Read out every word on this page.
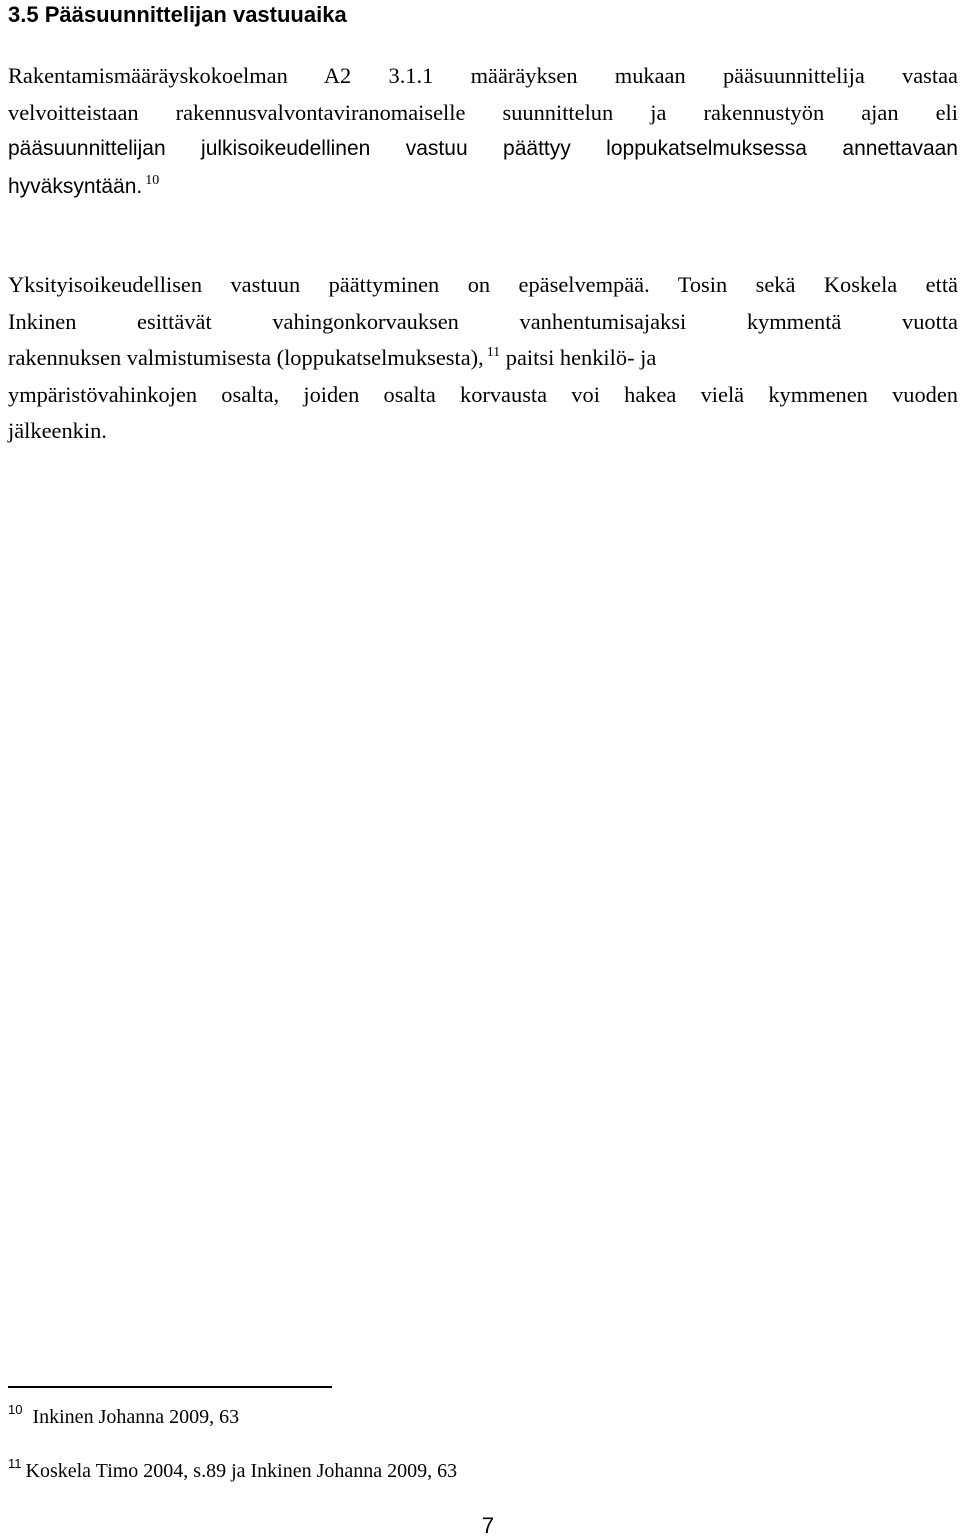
3.5 Pääsuunnittelijan vastuuaika

Rakentamismääräyskokoelman A2 3.1.1 määräyksen mukaan pääsuunnittelija vastaa
velvoitteistaan rakennusvalvontaviranomaiselle suunnittelun ja rakennustyön ajan eli
pääsuunnittelijan julkisoikeudellinen vastuu päättyy loppukatselmuksessa annettavaan
hyväksyntään. $^{10}$

Yksityisoikeudellisen vastuun päättyminen on epäselvempää. Tosin sekä Koskela että
Inkinen esittävät vahingonkorvauksen vanhentumisajaksi kymmentä vuotta
rakennuksen valmistumisesta (loppukatselmuksesta), $^{11}$ paitsi henkilö- ja
ympäristövahinkojen osalta, joiden osalta korvausta voi hakea vielä kymmenen vuoden
jälkeenkin.

$^{10}$ Inkinen Johanna 2009, 63

$^{11}$ Koskela Timo 2004, s.89 ja Inkinen Johanna 2009, 63

7
